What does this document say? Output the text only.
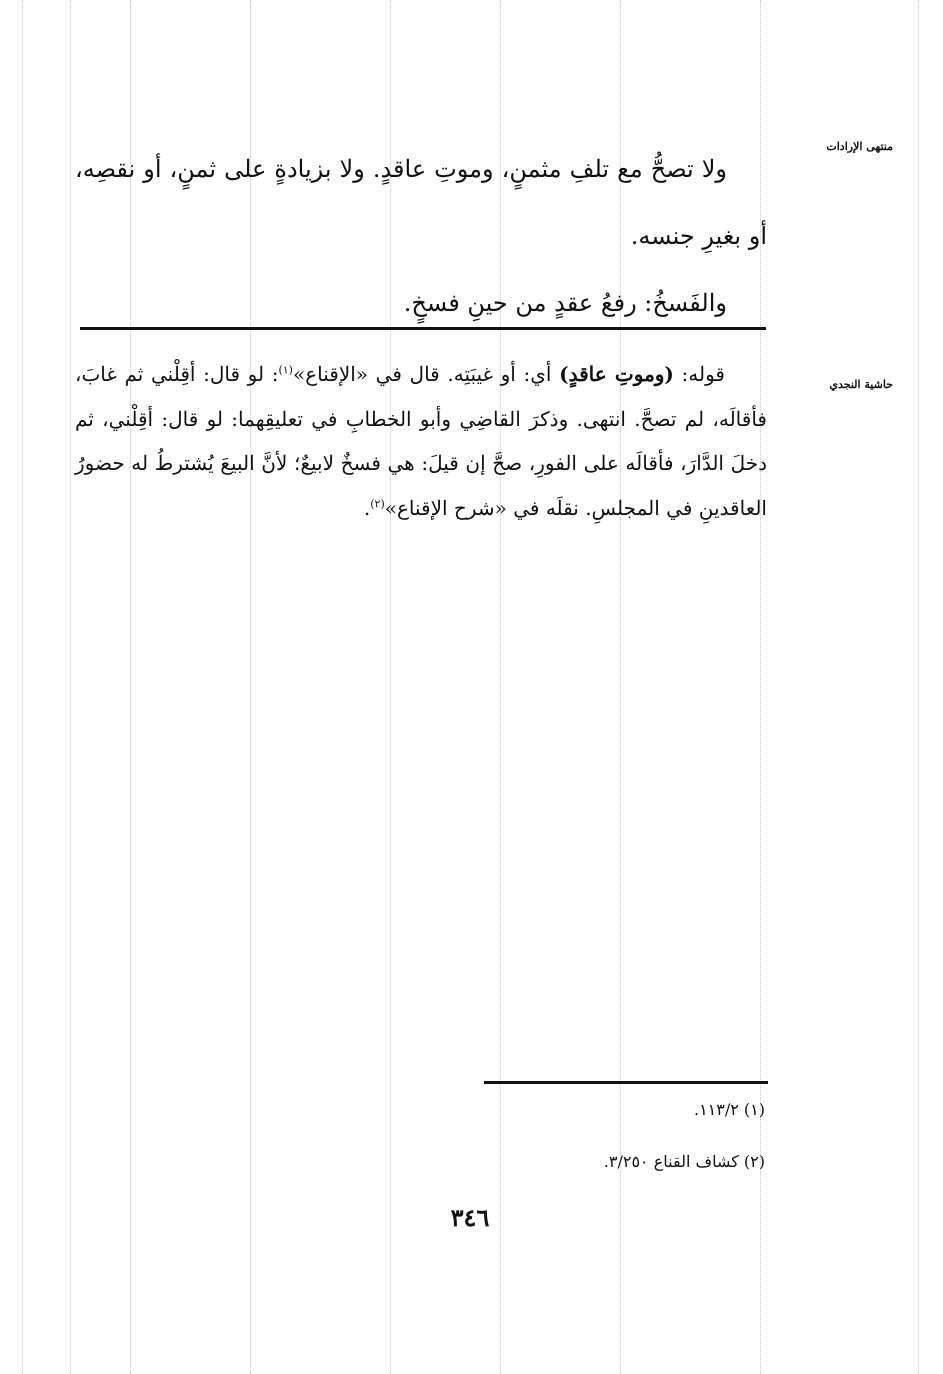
منتهى الإرادات
حاشية النجدي

ولا تصحُّ مع تلفِ مثمنٍ، وموتِ عاقدٍ. ولا بزيادةٍ على ثمنٍ، أو نقصِه، أو بغيرِ جنسه.

والفَسخُ: رفعُ عقدٍ من حينِ فسخٍ.

قوله: (وموتِ عاقدٍ) أي: أو غيبَتِه. قال في «الإقناع»$^{(١)}$: لو قال: أقِلْني ثم غابَ، فأقالَه، لم تصحَّ. انتهى. وذكرَ القاضِي وأبو الخطابِ في تعليقِهما: لو قال: أقِلْني، ثم دخلَ الدَّارَ، فأقالَه على الفورِ، صحَّ إن قيلَ: هي فسخٌ لابيعٌ؛ لأنَّ البيعَ يُشترطُ له حضورُ العاقدينِ في المجلسِ. نقلَه في «شرح الإقناع»$^{(٢)}$.

(١) ١١٣/٢.
(٢) كشاف القناع ٣/٢٥٠.
٣٤٦
